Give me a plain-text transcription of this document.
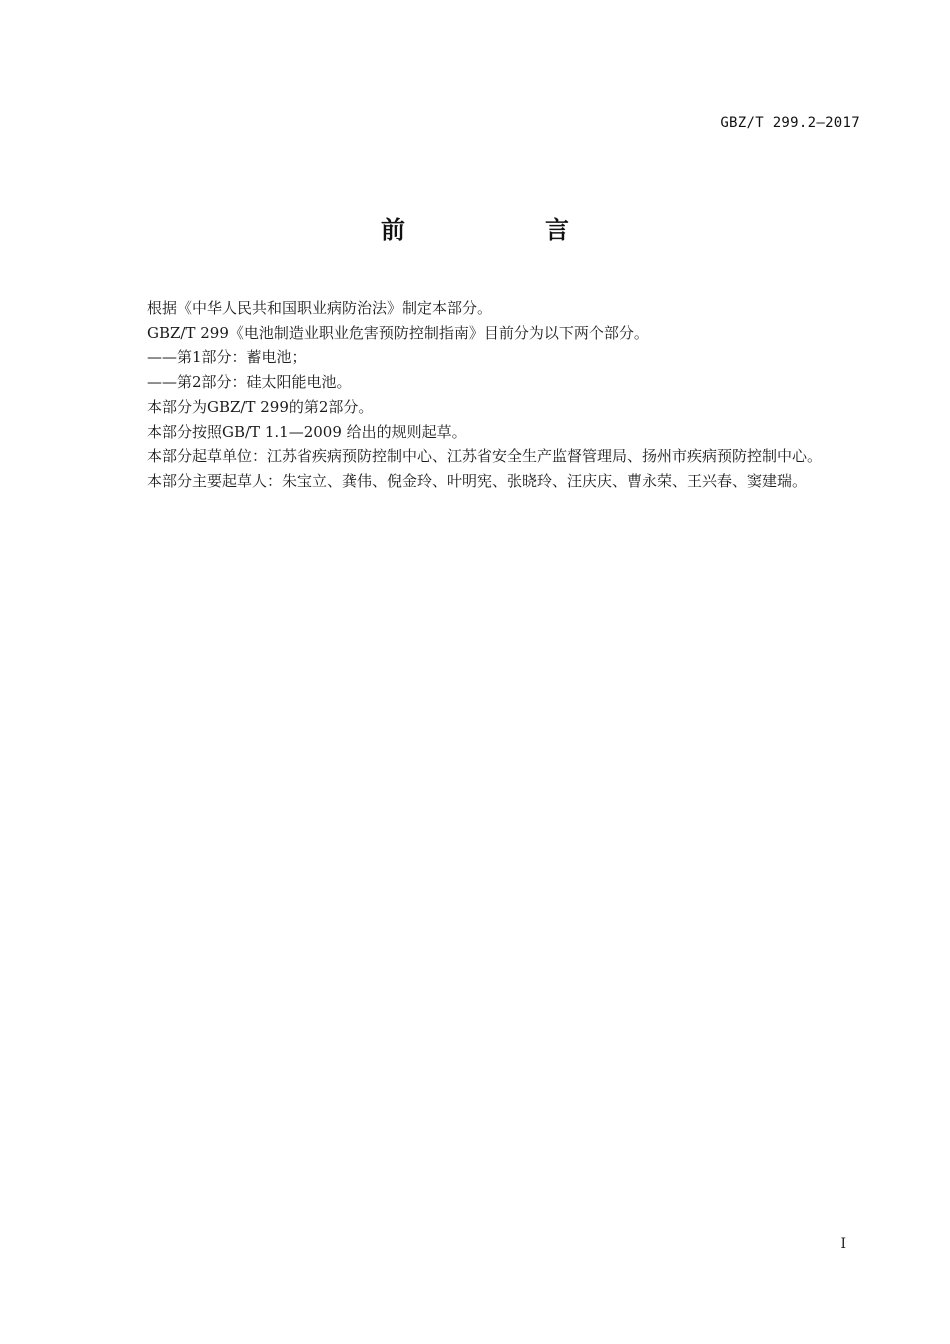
GBZ/T 299.2—2017
前　言

根据《中华人民共和国职业病防治法》制定本部分。

GBZ/T 299《电池制造业职业危害预防控制指南》目前分为以下两个部分。

——第1部分：蓄电池；

——第2部分：硅太阳能电池。

本部分为GBZ/T 299的第2部分。

本部分按照GB/T 1.1—2009 给出的规则起草。

本部分起草单位：江苏省疾病预防控制中心、江苏省安全生产监督管理局、扬州市疾病预防控制中心。

本部分主要起草人：朱宝立、龚伟、倪金玲、叶明宪、张晓玲、汪庆庆、曹永荣、王兴春、窦建瑞。

I
